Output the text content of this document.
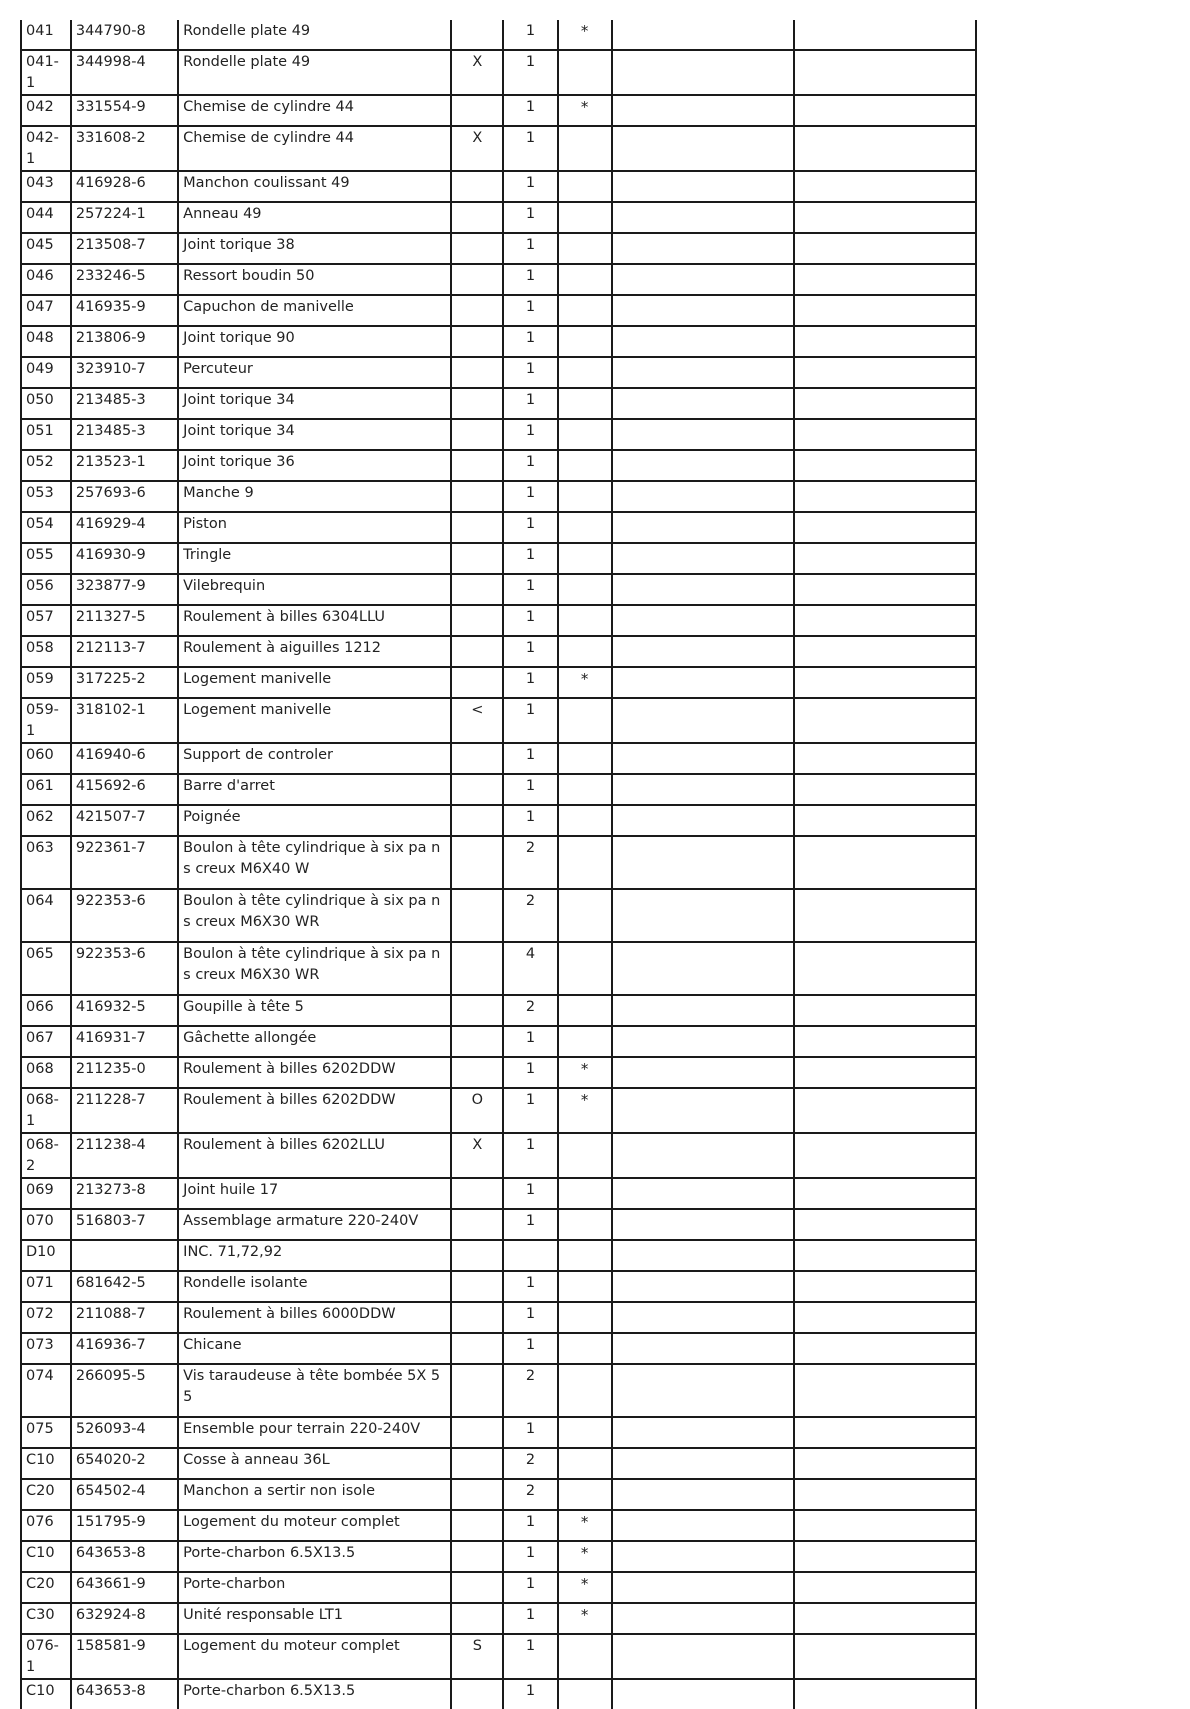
041	344790-8	Rondelle plate 49		1	*		
041-1	344998-4	Rondelle plate 49	X	1			
042	331554-9	Chemise de cylindre 44		1	*		
042-1	331608-2	Chemise de cylindre 44	X	1			
043	416928-6	Manchon coulissant 49		1			
044	257224-1	Anneau 49		1			
045	213508-7	Joint torique 38		1			
046	233246-5	Ressort boudin 50		1			
047	416935-9	Capuchon de manivelle		1			
048	213806-9	Joint torique 90		1			
049	323910-7	Percuteur		1			
050	213485-3	Joint torique 34		1			
051	213485-3	Joint torique 34		1			
052	213523-1	Joint torique 36		1			
053	257693-6	Manche 9		1			
054	416929-4	Piston		1			
055	416930-9	Tringle		1			
056	323877-9	Vilebrequin		1			
057	211327-5	Roulement à billes 6304LLU		1			
058	212113-7	Roulement à aiguilles 1212		1			
059	317225-2	Logement manivelle		1	*		
059-1	318102-1	Logement manivelle	<	1			
060	416940-6	Support de controler		1			
061	415692-6	Barre d'arret		1			
062	421507-7	Poignée		1			
063	922361-7	Boulon à tête cylindrique à six pa ns creux M6X40 W		2			
064	922353-6	Boulon à tête cylindrique à six pa ns creux M6X30 WR		2			
065	922353-6	Boulon à tête cylindrique à six pa ns creux M6X30 WR		4			
066	416932-5	Goupille à tête 5		2			
067	416931-7	Gâchette allongée		1			
068	211235-0	Roulement à billes 6202DDW		1	*		
068-1	211228-7	Roulement à billes 6202DDW	O	1	*		
068-2	211238-4	Roulement à billes 6202LLU	X	1			
069	213273-8	Joint huile 17		1			
070	516803-7	Assemblage armature 220-240V		1			
D10		INC. 71,72,92					
071	681642-5	Rondelle isolante		1			
072	211088-7	Roulement à billes 6000DDW		1			
073	416936-7	Chicane		1			
074	266095-5	Vis taraudeuse à tête bombée 5X 55		2			
075	526093-4	Ensemble pour terrain 220-240V		1			
C10	654020-2	Cosse à anneau 36L		2			
C20	654502-4	Manchon a sertir non isole		2			
076	151795-9	Logement du moteur complet		1	*		
C10	643653-8	Porte-charbon 6.5X13.5		1	*		
C20	643661-9	Porte-charbon		1	*		
C30	632924-8	Unité responsable LT1		1	*		
076-1	158581-9	Logement du moteur complet	S	1			
C10	643653-8	Porte-charbon 6.5X13.5		1			
